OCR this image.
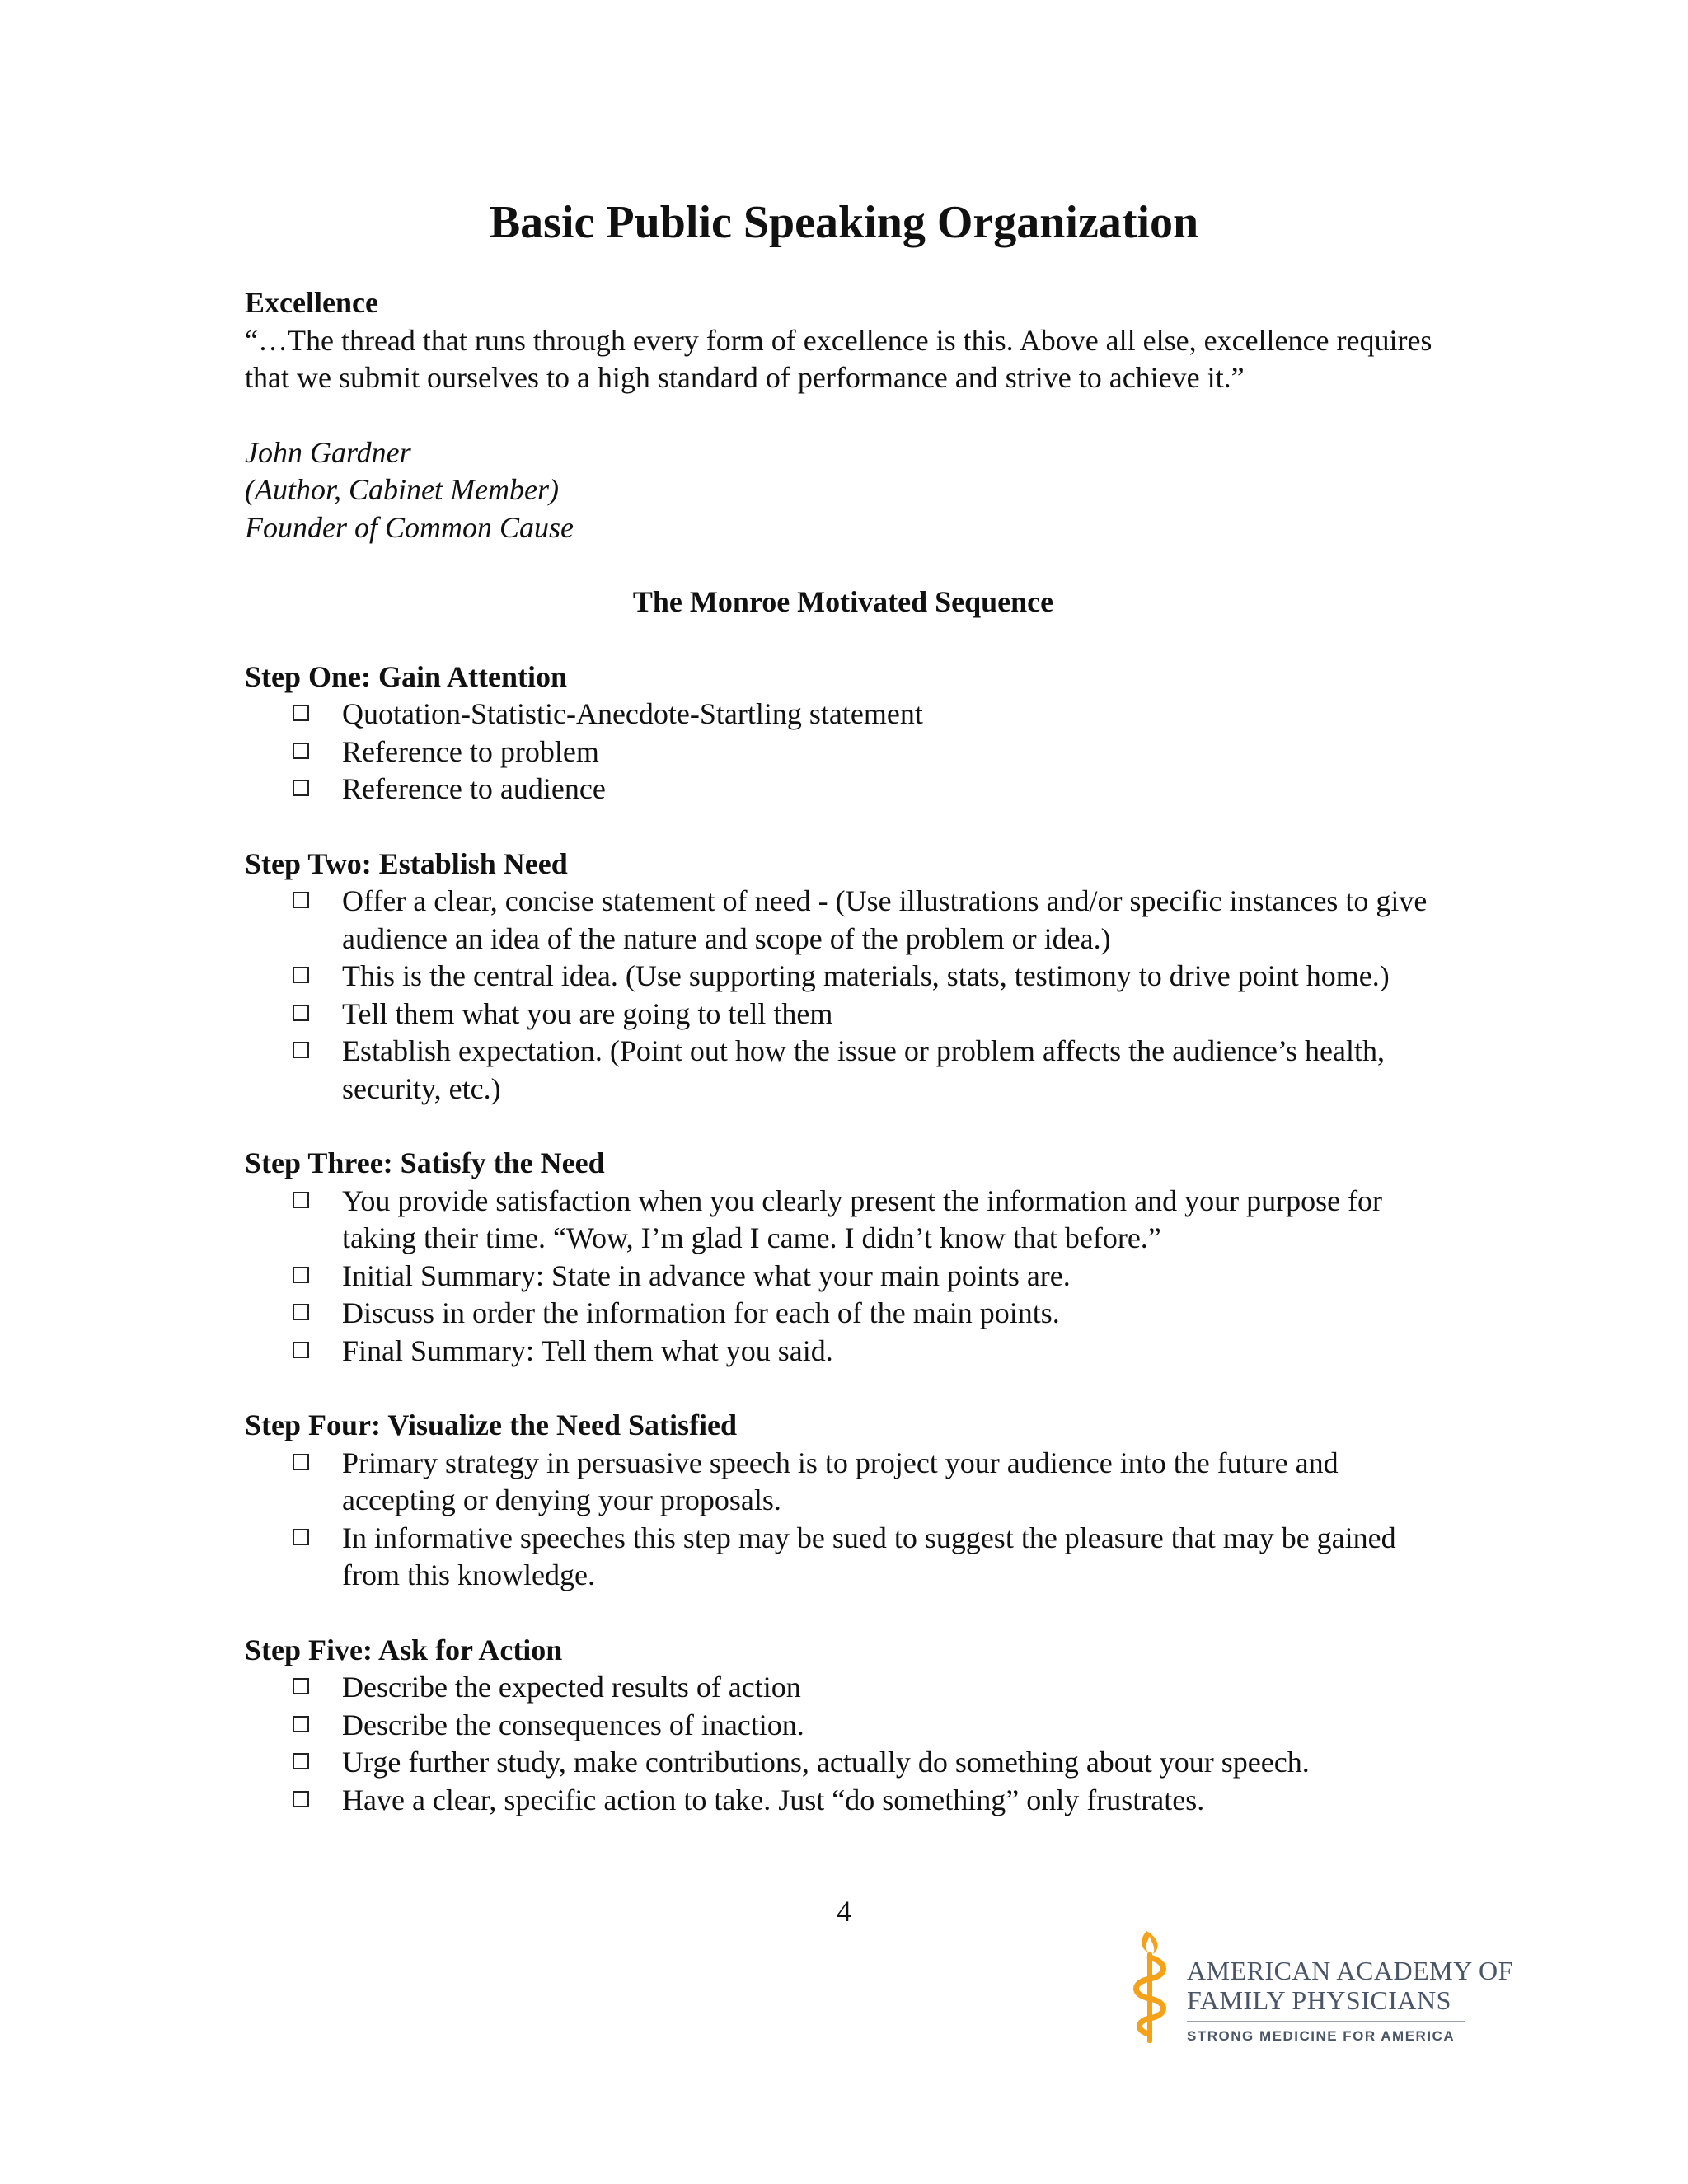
Basic Public Speaking Organization
Excellence

“…The thread that runs through every form of excellence is this. Above all else, excellence requires that we submit ourselves to a high standard of performance and strive to achieve it.”

John Gardner
(Author, Cabinet Member)
Founder of Common Cause
The Monroe Motivated Sequence
Step One: Gain Attention
Quotation-Statistic-Anecdote-Startling statement
Reference to problem
Reference to audience
Step Two: Establish Need
Offer a clear, concise statement of need - (Use illustrations and/or specific instances to give audience an idea of the nature and scope of the problem or idea.)
This is the central idea. (Use supporting materials, stats, testimony to drive point home.)
Tell them what you are going to tell them
Establish expectation. (Point out how the issue or problem affects the audience’s health, security, etc.)
Step Three: Satisfy the Need
You provide satisfaction when you clearly present the information and your purpose for taking their time. “Wow, I’m glad I came. I didn’t know that before.”
Initial Summary: State in advance what your main points are.
Discuss in order the information for each of the main points.
Final Summary: Tell them what you said.
Step Four: Visualize the Need Satisfied
Primary strategy in persuasive speech is to project your audience into the future and accepting or denying your proposals.
In informative speeches this step may be sued to suggest the pleasure that may be gained from this knowledge.
Step Five: Ask for Action
Describe the expected results of action
Describe the consequences of inaction.
Urge further study, make contributions, actually do something about your speech.
Have a clear, specific action to take. Just “do something” only frustrates.
4
AMERICAN ACADEMY OF
FAMILY PHYSICIANS
STRONG MEDICINE FOR AMERICA
